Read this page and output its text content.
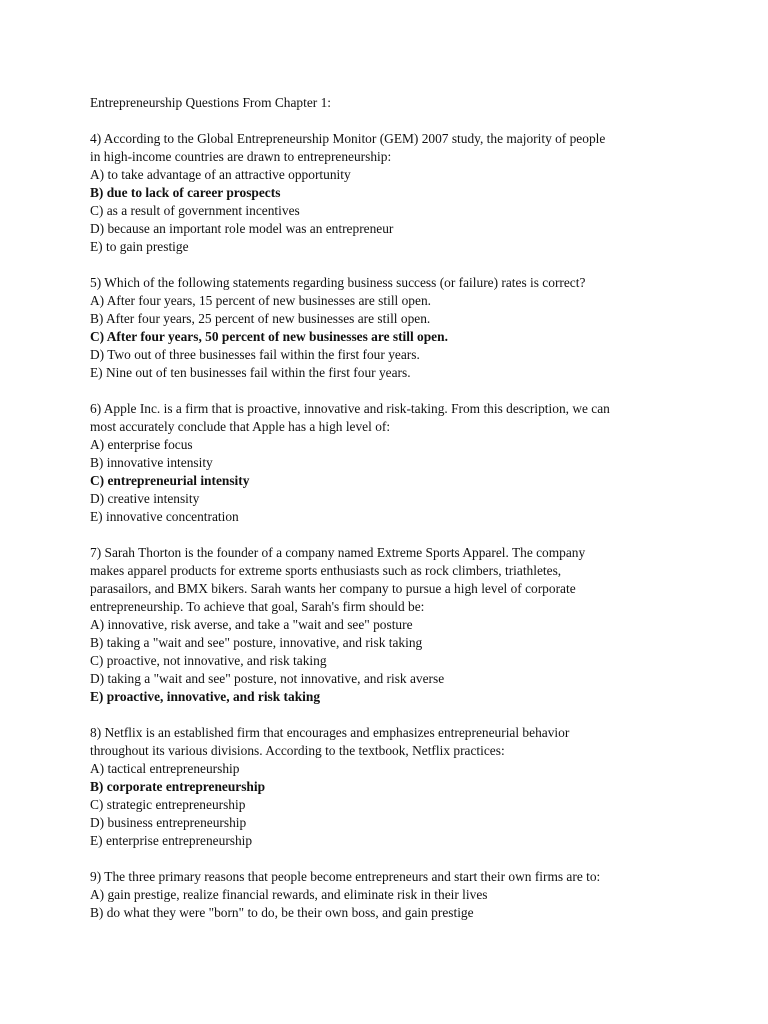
Entrepreneurship Questions From Chapter 1:
4) According to the Global Entrepreneurship Monitor (GEM) 2007 study, the majority of people
in high-income countries are drawn to entrepreneurship:
A) to take advantage of an attractive opportunity
B) due to lack of career prospects
C) as a result of government incentives
D) because an important role model was an entrepreneur
E) to gain prestige
5) Which of the following statements regarding business success (or failure) rates is correct?
A) After four years, 15 percent of new businesses are still open.
B) After four years, 25 percent of new businesses are still open.
C) After four years, 50 percent of new businesses are still open.
D) Two out of three businesses fail within the first four years.
E) Nine out of ten businesses fail within the first four years.
6) Apple Inc. is a firm that is proactive, innovative and risk-taking. From this description, we can
most accurately conclude that Apple has a high level of:
A) enterprise focus
B) innovative intensity
C) entrepreneurial intensity
D) creative intensity
E) innovative concentration
7) Sarah Thorton is the founder of a company named Extreme Sports Apparel. The company
makes apparel products for extreme sports enthusiasts such as rock climbers, triathletes,
parasailors, and BMX bikers. Sarah wants her company to pursue a high level of corporate
entrepreneurship. To achieve that goal, Sarah's firm should be:
A) innovative, risk averse, and take a "wait and see" posture
B) taking a "wait and see" posture, innovative, and risk taking
C) proactive, not innovative, and risk taking
D) taking a "wait and see" posture, not innovative, and risk averse
E) proactive, innovative, and risk taking
8) Netflix is an established firm that encourages and emphasizes entrepreneurial behavior
throughout its various divisions. According to the textbook, Netflix practices:
A) tactical entrepreneurship
B) corporate entrepreneurship
C) strategic entrepreneurship
D) business entrepreneurship
E) enterprise entrepreneurship
9) The three primary reasons that people become entrepreneurs and start their own firms are to:
A) gain prestige, realize financial rewards, and eliminate risk in their lives
B) do what they were "born" to do, be their own boss, and gain prestige
